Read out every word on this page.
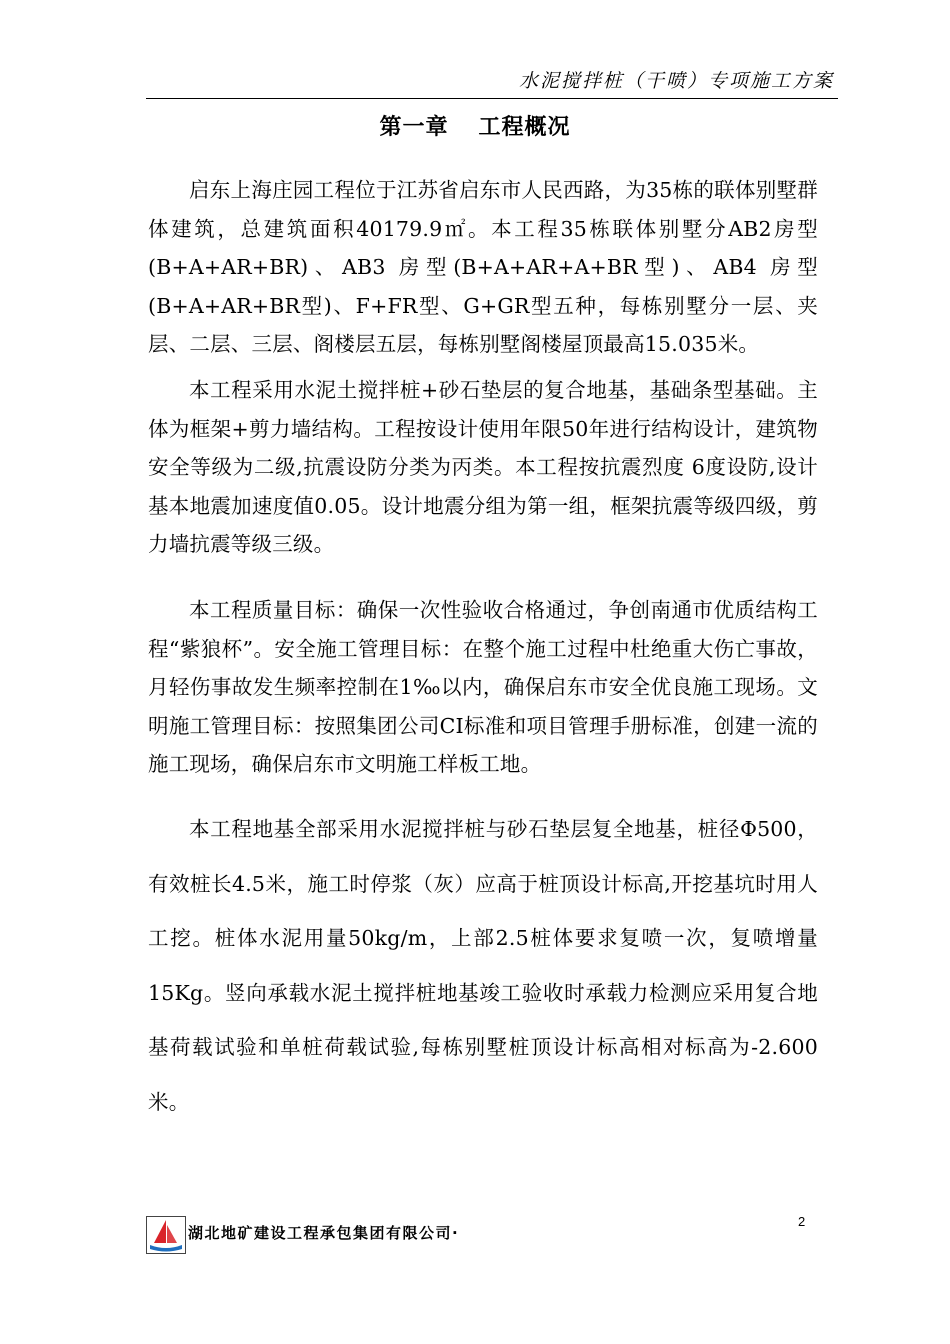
水泥搅拌桩（干喷）专项施工方案
第一章 工程概况

启东上海庄园工程位于江苏省启东市人民西路，为35栋的联体别墅群体建筑，总建筑面积40179.9㎡。本工程35栋联体别墅分AB2房型(B+A+AR+BR)、AB3 房型(B+A+AR+A+BR型)、AB4 房型(B+A+AR+BR型)、F+FR型、G+GR型五种，每栋别墅分一层、夹层、二层、三层、阁楼层五层，每栋别墅阁楼屋顶最高15.035米。

本工程采用水泥土搅拌桩+砂石垫层的复合地基，基础条型基础。主体为框架+剪力墙结构。工程按设计使用年限50年进行结构设计，建筑物安全等级为二级,抗震设防分类为丙类。本工程按抗震烈度 6度设防,设计基本地震加速度值0.05。设计地震分组为第一组，框架抗震等级四级，剪力墙抗震等级三级。

本工程质量目标：确保一次性验收合格通过，争创南通市优质结构工程“紫狼杯”。安全施工管理目标：在整个施工过程中杜绝重大伤亡事故，月轻伤事故发生频率控制在1‰以内，确保启东市安全优良施工现场。文明施工管理目标：按照集团公司CI标准和项目管理手册标准，创建一流的施工现场，确保启东市文明施工样板工地。

本工程地基全部采用水泥搅拌桩与砂石垫层复全地基，桩径Φ500，有效桩长4.5米，施工时停浆（灰）应高于桩顶设计标高,开挖基坑时用人工挖。桩体水泥用量50kg/m，上部2.5桩体要求复喷一次，复喷增量 15Kg。竖向承载水泥土搅拌桩地基竣工验收时承载力检测应采用复合地基荷载试验和单桩荷载试验,每栋别墅桩顶设计标高相对标高为-2.600米。

湖北地矿建设工程承包集团有限公司·
2
